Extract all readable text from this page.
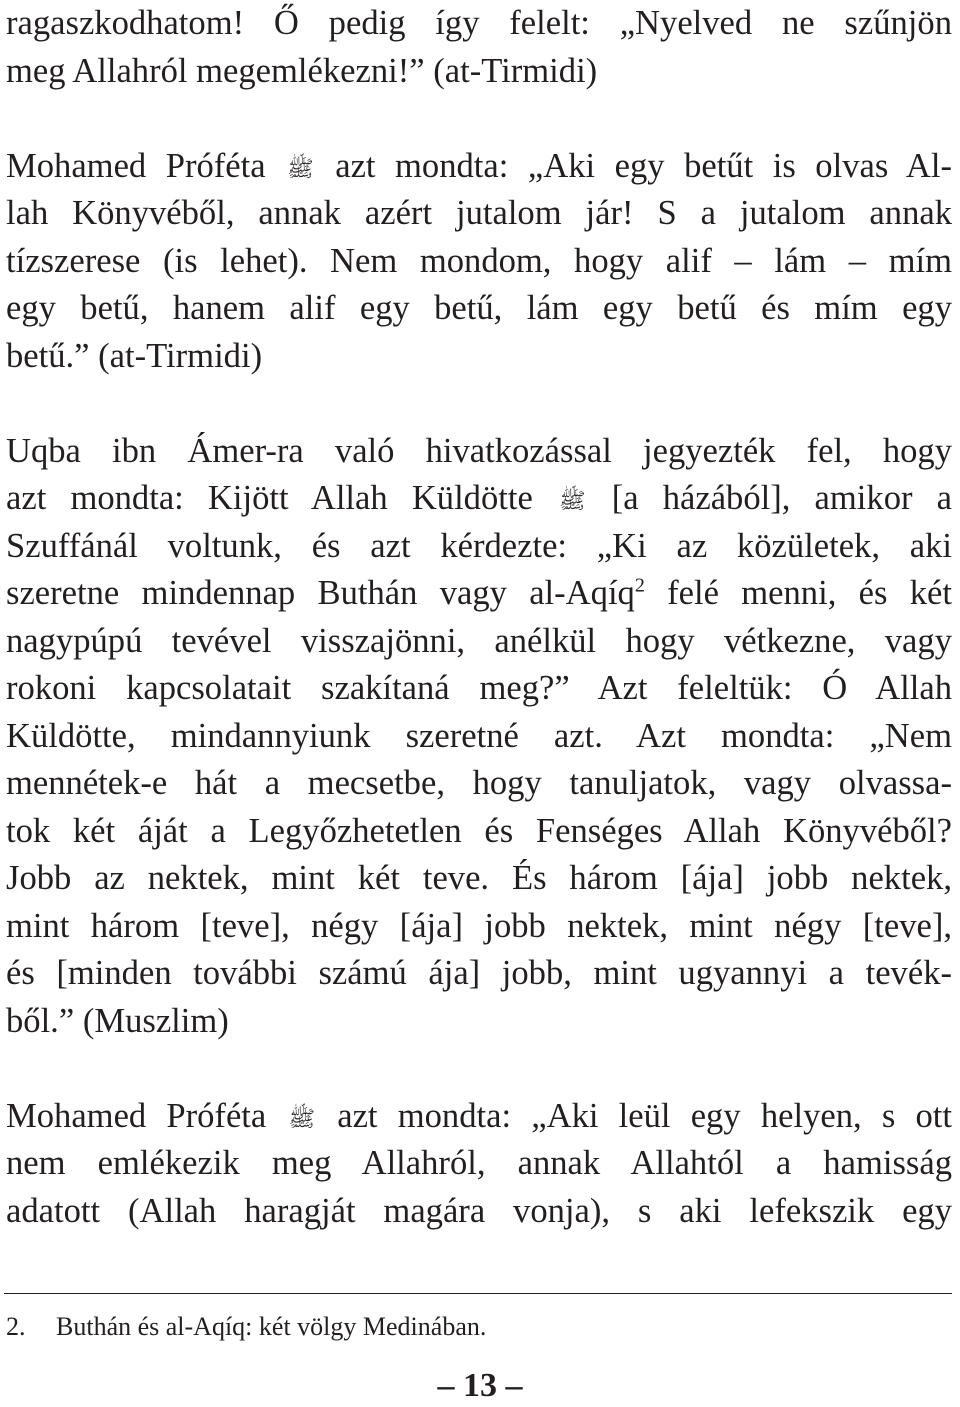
ragaszkodhatom! Ő pedig így felelt: „Nyelved ne szűnjön
meg Allahról megemlékezni!” (at-Tirmidi)

Mohamed Próféta ﷺ azt mondta: „Aki egy betűt is olvas Al-
lah Könyvéből, annak azért jutalom jár! S a jutalom annak
tízszerese (is lehet). Nem mondom, hogy alif – lám – mím
egy betű, hanem alif egy betű, lám egy betű és mím egy
betű.” (at-Tirmidi)

Uqba ibn Ámer-ra való hivatkozással jegyezték fel, hogy
azt mondta: Kijött Allah Küldötte ﷺ [a házából], amikor a
Szuffánál voltunk, és azt kérdezte: „Ki az közületek, aki
szeretne mindennap Buthán vagy al-Aqíq$^2$ felé menni, és két
nagypúpú tevével visszajönni, anélkül hogy vétkezne, vagy
rokoni kapcsolatait szakítaná meg?” Azt feleltük: Ó Allah
Küldötte, mindannyiunk szeretné azt. Azt mondta: „Nem
mennétek-e hát a mecsetbe, hogy tanuljatok, vagy olvassa-
tok két áját a Legyőzhetetlen és Fenséges Allah Könyvéből?
Jobb az nektek, mint két teve. És három [ája] jobb nektek,
mint három [teve], négy [ája] jobb nektek, mint négy [teve],
és [minden további számú ája] jobb, mint ugyannyi a tevék-
ből.” (Muszlim)

Mohamed Próféta ﷺ azt mondta: „Aki leül egy helyen, s ott
nem emlékezik meg Allahról, annak Allahtól a hamisság
adatott (Allah haragját magára vonja), s aki lefekszik egy

2. Buthán és al-Aqíq: két völgy Medinában.
– 13 –
